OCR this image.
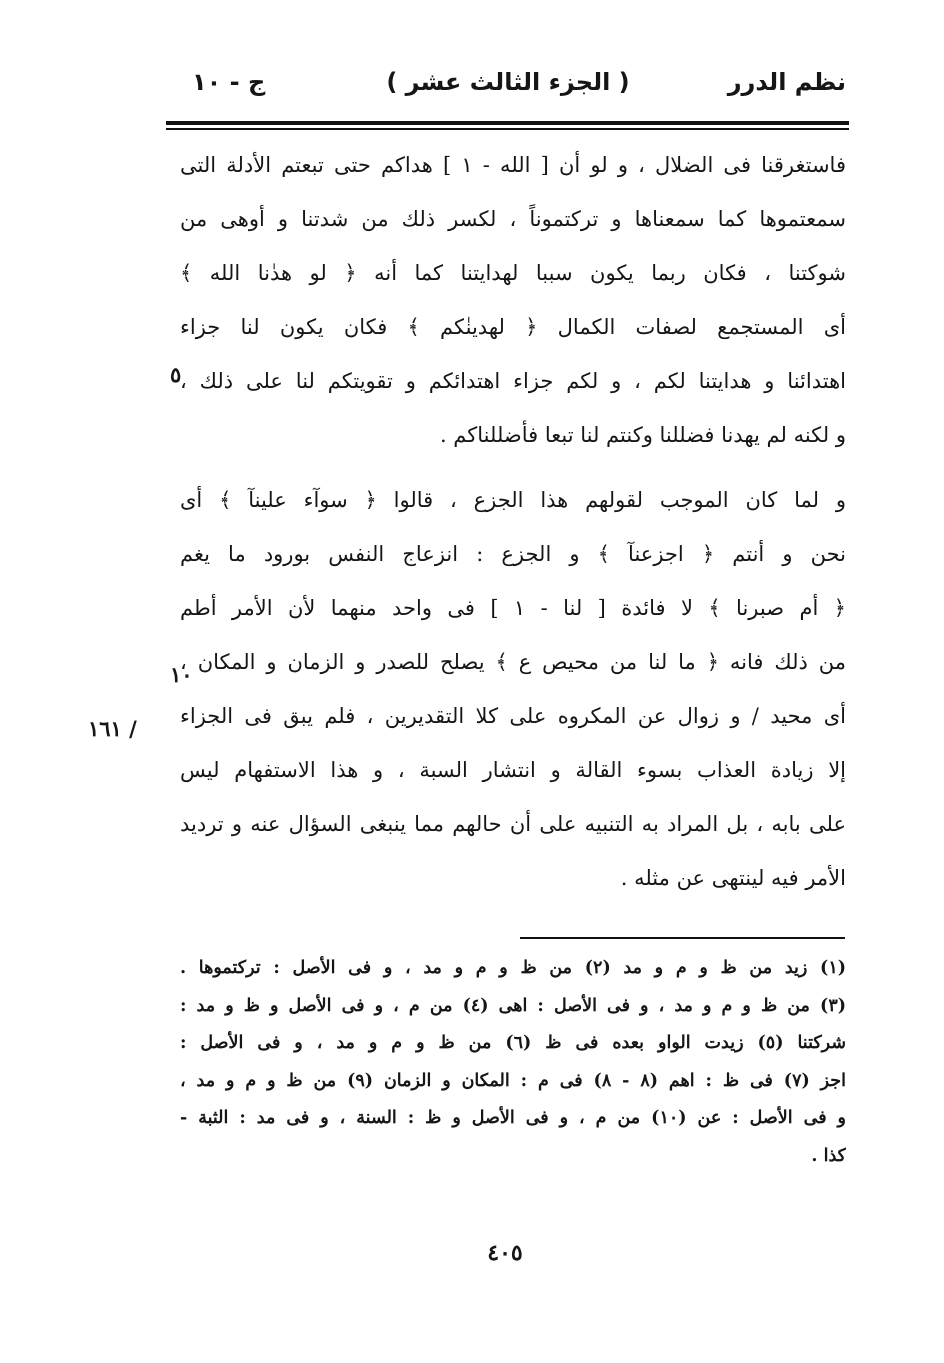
نظم الدرر
( الجزء الثالث عشر )
ج - ١٠
فاستغرقنا فى الضلال ، و لو أن [ الله - ١ ] هداكم حتى تبعتم الأدلة التى
سمعتموها كما سمعناها و تركتموناً ، لكسر ذلك من شدتنا و أوهى من
شوكتنا ، فكان ربما يكون سببا لهدايتنا كما أنه ﴿ لو هدٰنا الله ﴾
أى المستجمع لصفات الكمال ﴿ لهدينٰكم ﴾ فكان يكون لنا جزاء
اهتدائنا و هدايتنا لكم ، و لكم جزاء اهتدائكم و تقويتكم لنا على ذلك ،
و لكنه لم يهدنا فضللنا وكنتم لنا تبعا فأضللناكم .
و لما كان الموجب لقولهم هذا الجزع ، قالوا ﴿ سوآء علينآ ﴾ أى
نحن و أنتم ﴿ اجزعنآ ﴾ و الجزع : انزعاج النفس بورود ما يغم
﴿ أم صبرنا ﴾ لا فائدة [ لنا - ١ ] فى واحد منهما لأن الأمر أطم
من ذلك فانه ﴿ ما لنا من محيص ع ﴾ يصلح للصدر و الزمان و المكان ،
أى محيد / و زوال عن المكروه على كلا التقديرين ، فلم يبق فى الجزاء
إلا زيادة العذاب بسوء القالة و انتشار السبة ، و هذا الاستفهام ليس
على بابه ، بل المراد به التنبيه على أن حالهم مما ينبغى السؤال عنه و ترديد
الأمر فيه لينتهى عن مثله .
٥
١٠
/ ١٦١
(١) زيد من ظ و م و مد (٢) من ظ و م و مد ، و فى الأصل : تركتموها .
(٣) من ظ و م و مد ، و فى الأصل : اهى (٤) من م ، و فى الأصل و ظ و مد :
شركتنا (٥) زيدت الواو بعده فى ظ (٦) من ظ و م و مد ، و فى الأصل :
اجز (٧) فى ظ : اهم (٨ - ٨) فى م : المكان و الزمان (٩) من ظ و م و مد ،
و فى الأصل : عن (١٠) من م ، و فى الأصل و ظ : السنة ، و فى مد : الثبة -
كذا .
٤٠٥
